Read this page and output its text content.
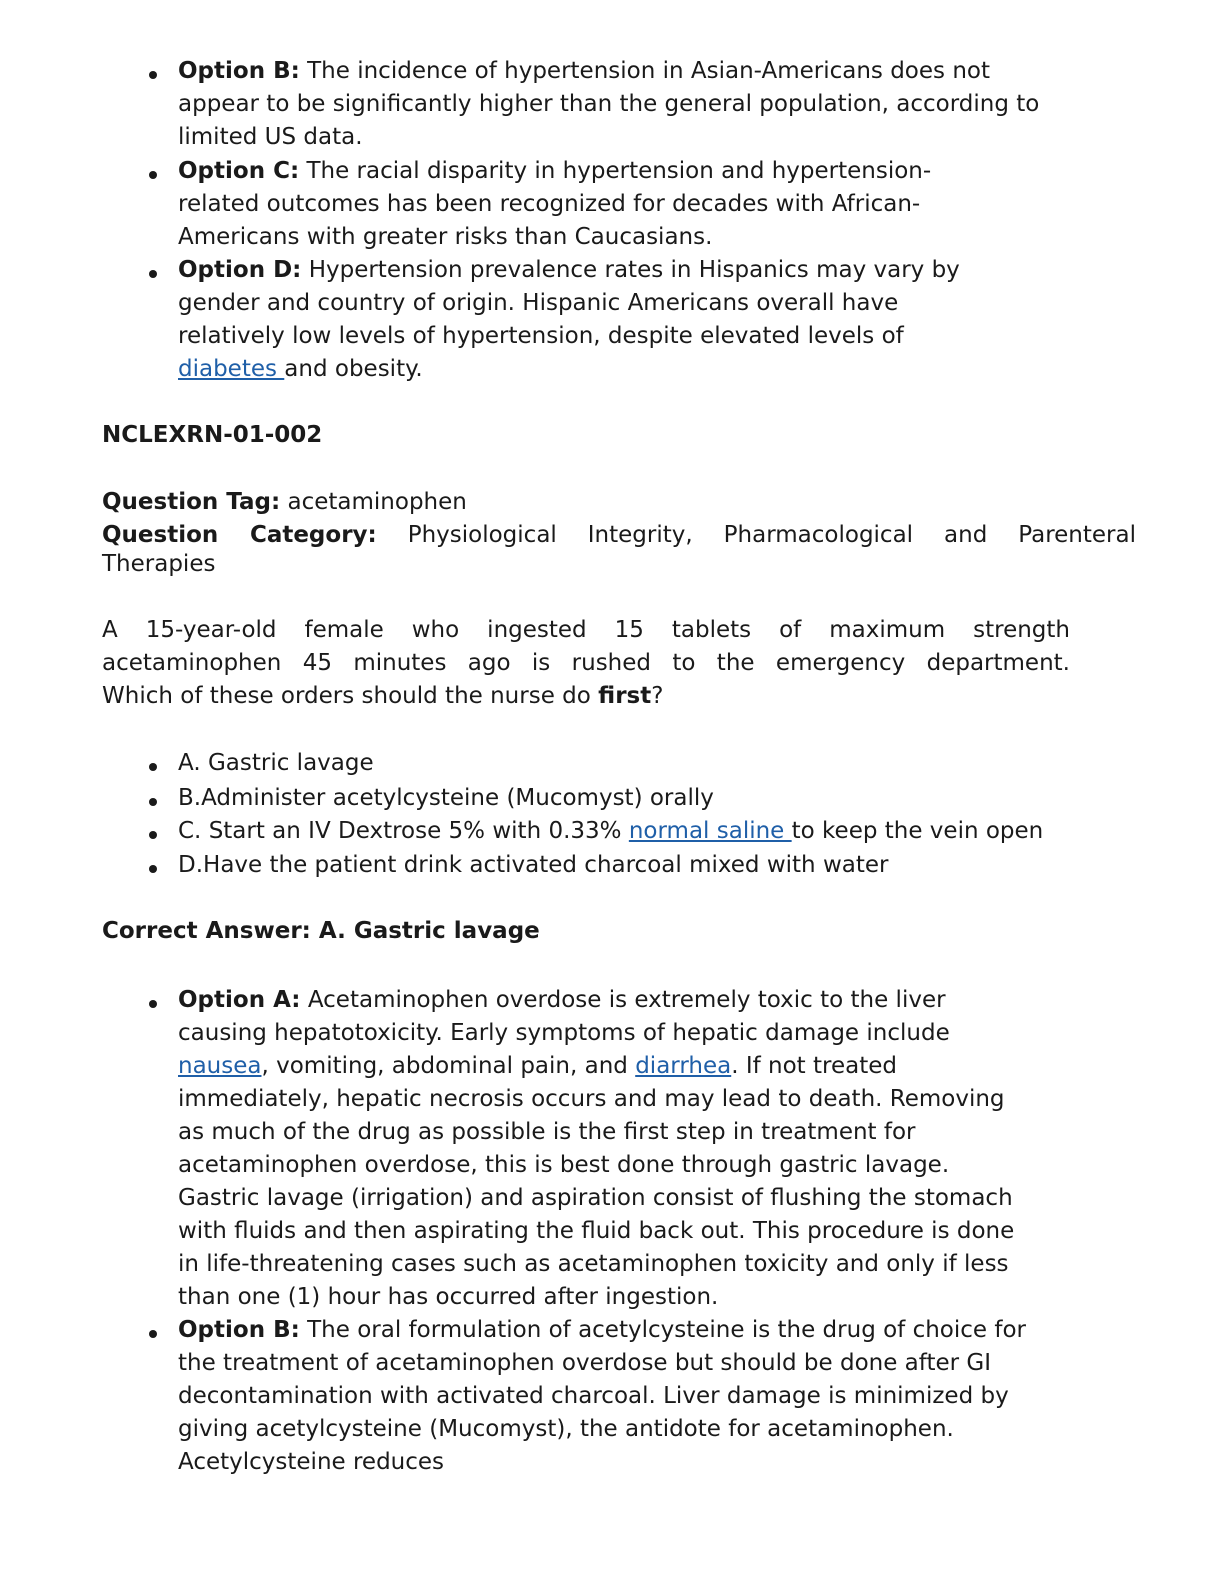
Option B: The incidence of hypertension in Asian-Americans does not
appear to be significantly higher than the general population, according to
limited US data.
Option C: The racial disparity in hypertension and hypertension-
related outcomes has been recognized for decades with African-
Americans with greater risks than Caucasians.
Option D: Hypertension prevalence rates in Hispanics may vary by
gender and country of origin. Hispanic Americans overall have
relatively low levels of hypertension, despite elevated levels of
diabetes and obesity.
NCLEXRN-01-002
Question Tag: acetaminophen
Question Category: Physiological Integrity, Pharmacological and Parenteral
Therapies
A 15-year-old female who ingested 15 tablets of maximum strength
acetaminophen 45 minutes ago is rushed to the emergency department.
Which of these orders should the nurse do first?
A. Gastric lavage
B.Administer acetylcysteine (Mucomyst) orally
C. Start an IV Dextrose 5% with 0.33% normal saline to keep the vein open
D.Have the patient drink activated charcoal mixed with water
Correct Answer: A. Gastric lavage
Option A: Acetaminophen overdose is extremely toxic to the liver
causing hepatotoxicity. Early symptoms of hepatic damage include
nausea, vomiting, abdominal pain, and diarrhea. If not treated
immediately, hepatic necrosis occurs and may lead to death. Removing
as much of the drug as possible is the first step in treatment for
acetaminophen overdose, this is best done through gastric lavage.
Gastric lavage (irrigation) and aspiration consist of flushing the stomach
with fluids and then aspirating the fluid back out. This procedure is done
in life-threatening cases such as acetaminophen toxicity and only if less
than one (1) hour has occurred after ingestion.
Option B: The oral formulation of acetylcysteine is the drug of choice for
the treatment of acetaminophen overdose but should be done after GI
decontamination with activated charcoal. Liver damage is minimized by
giving acetylcysteine (Mucomyst), the antidote for acetaminophen.
Acetylcysteine reduces
